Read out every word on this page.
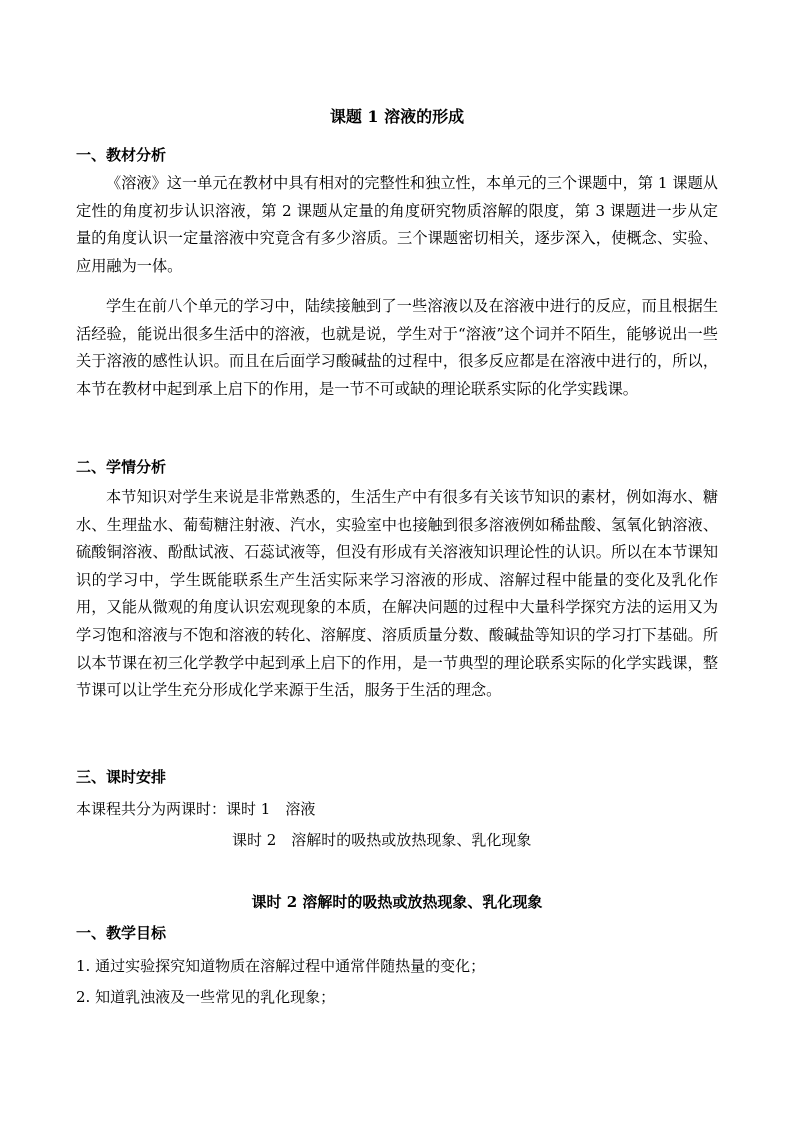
课题 1 溶液的形成
一、教材分析

《溶液》这一单元在教材中具有相对的完整性和独立性，本单元的三个课题中，第 1 课题从定性的角度初步认识溶液，第 2 课题从定量的角度研究物质溶解的限度，第 3 课题进一步从定量的角度认识一定量溶液中究竟含有多少溶质。三个课题密切相关，逐步深入，使概念、实验、应用融为一体。

学生在前八个单元的学习中，陆续接触到了一些溶液以及在溶液中进行的反应，而且根据生活经验，能说出很多生活中的溶液，也就是说，学生对于“溶液”这个词并不陌生，能够说出一些关于溶液的感性认识。而且在后面学习酸碱盐的过程中，很多反应都是在溶液中进行的，所以，本节在教材中起到承上启下的作用，是一节不可或缺的理论联系实际的化学实践课。

二、学情分析

本节知识对学生来说是非常熟悉的，生活生产中有很多有关该节知识的素材，例如海水、糖水、生理盐水、葡萄糖注射液、汽水，实验室中也接触到很多溶液例如稀盐酸、氢氧化钠溶液、硫酸铜溶液、酚酞试液、石蕊试液等，但没有形成有关溶液知识理论性的认识。所以在本节课知识的学习中，学生既能联系生产生活实际来学习溶液的形成、溶解过程中能量的变化及乳化作用，又能从微观的角度认识宏观现象的本质，在解决问题的过程中大量科学探究方法的运用又为学习饱和溶液与不饱和溶液的转化、溶解度、溶质质量分数、酸碱盐等知识的学习打下基础。所以本节课在初三化学教学中起到承上启下的作用，是一节典型的理论联系实际的化学实践课，整节课可以让学生充分形成化学来源于生活，服务于生活的理念。

三、课时安排
本课程共分为两课时：课时 1　溶液
课时 2　溶解时的吸热或放热现象、乳化现象
课时 2 溶解时的吸热或放热现象、乳化现象
一、教学目标
1. 通过实验探究知道物质在溶解过程中通常伴随热量的变化；
2. 知道乳浊液及一些常见的乳化现象；
